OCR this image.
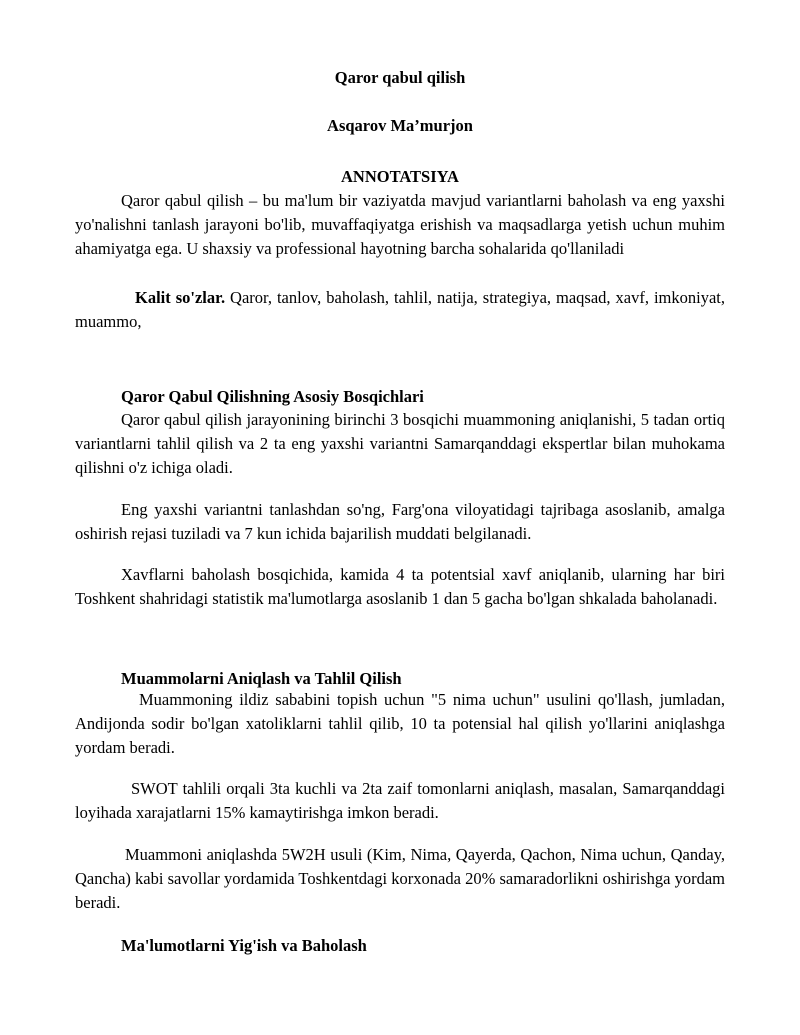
Qaror qabul qilish

Asqarov Ma’murjon

ANNOTATSIYA

Qaror qabul qilish – bu ma'lum bir vaziyatda mavjud variantlarni baholash va eng yaxshi yo'nalishni tanlash jarayoni bo'lib, muvaffaqiyatga erishish va maqsadlarga yetish uchun muhim ahamiyatga ega. U shaxsiy va professional hayotning barcha sohalarida qo'llaniladi

Kalit so'zlar. Qaror, tanlov, baholash, tahlil, natija, strategiya, maqsad, xavf, imkoniyat, muammo,

Qaror Qabul Qilishning Asosiy Bosqichlari

Qaror qabul qilish jarayonining birinchi 3 bosqichi muammoning aniqlanishi, 5 tadan ortiq variantlarni tahlil qilish va 2 ta eng yaxshi variantni Samarqanddagi ekspertlar bilan muhokama qilishni o'z ichiga oladi.

Eng yaxshi variantni tanlashdan so'ng, Farg'ona viloyatidagi tajribaga asoslanib, amalga oshirish rejasi tuziladi va 7 kun ichida bajarilish muddati belgilanadi.

Xavflarni baholash bosqichida, kamida 4 ta potentsial xavf aniqlanib, ularning har biri Toshkent shahridagi statistik ma'lumotlarga asoslanib 1 dan 5 gacha bo'lgan shkalada baholanadi.

Muammolarni Aniqlash va Tahlil Qilish

Muammoning ildiz sababini topish uchun "5 nima uchun" usulini qo'llash, jumladan, Andijonda sodir bo'lgan xatoliklarni tahlil qilib, 10 ta potensial hal qilish yo'llarini aniqlashga yordam beradi.

SWOT tahlili orqali 3ta kuchli va 2ta zaif tomonlarni aniqlash, masalan, Samarqanddagi loyihada xarajatlarni 15% kamaytirishga imkon beradi.

Muammoni aniqlashda 5W2H usuli (Kim, Nima, Qayerda, Qachon, Nima uchun, Qanday, Qancha) kabi savollar yordamida Toshkentdagi korxonada 20% samaradorlikni oshirishga yordam beradi.

Ma'lumotlarni Yig'ish va Baholash
